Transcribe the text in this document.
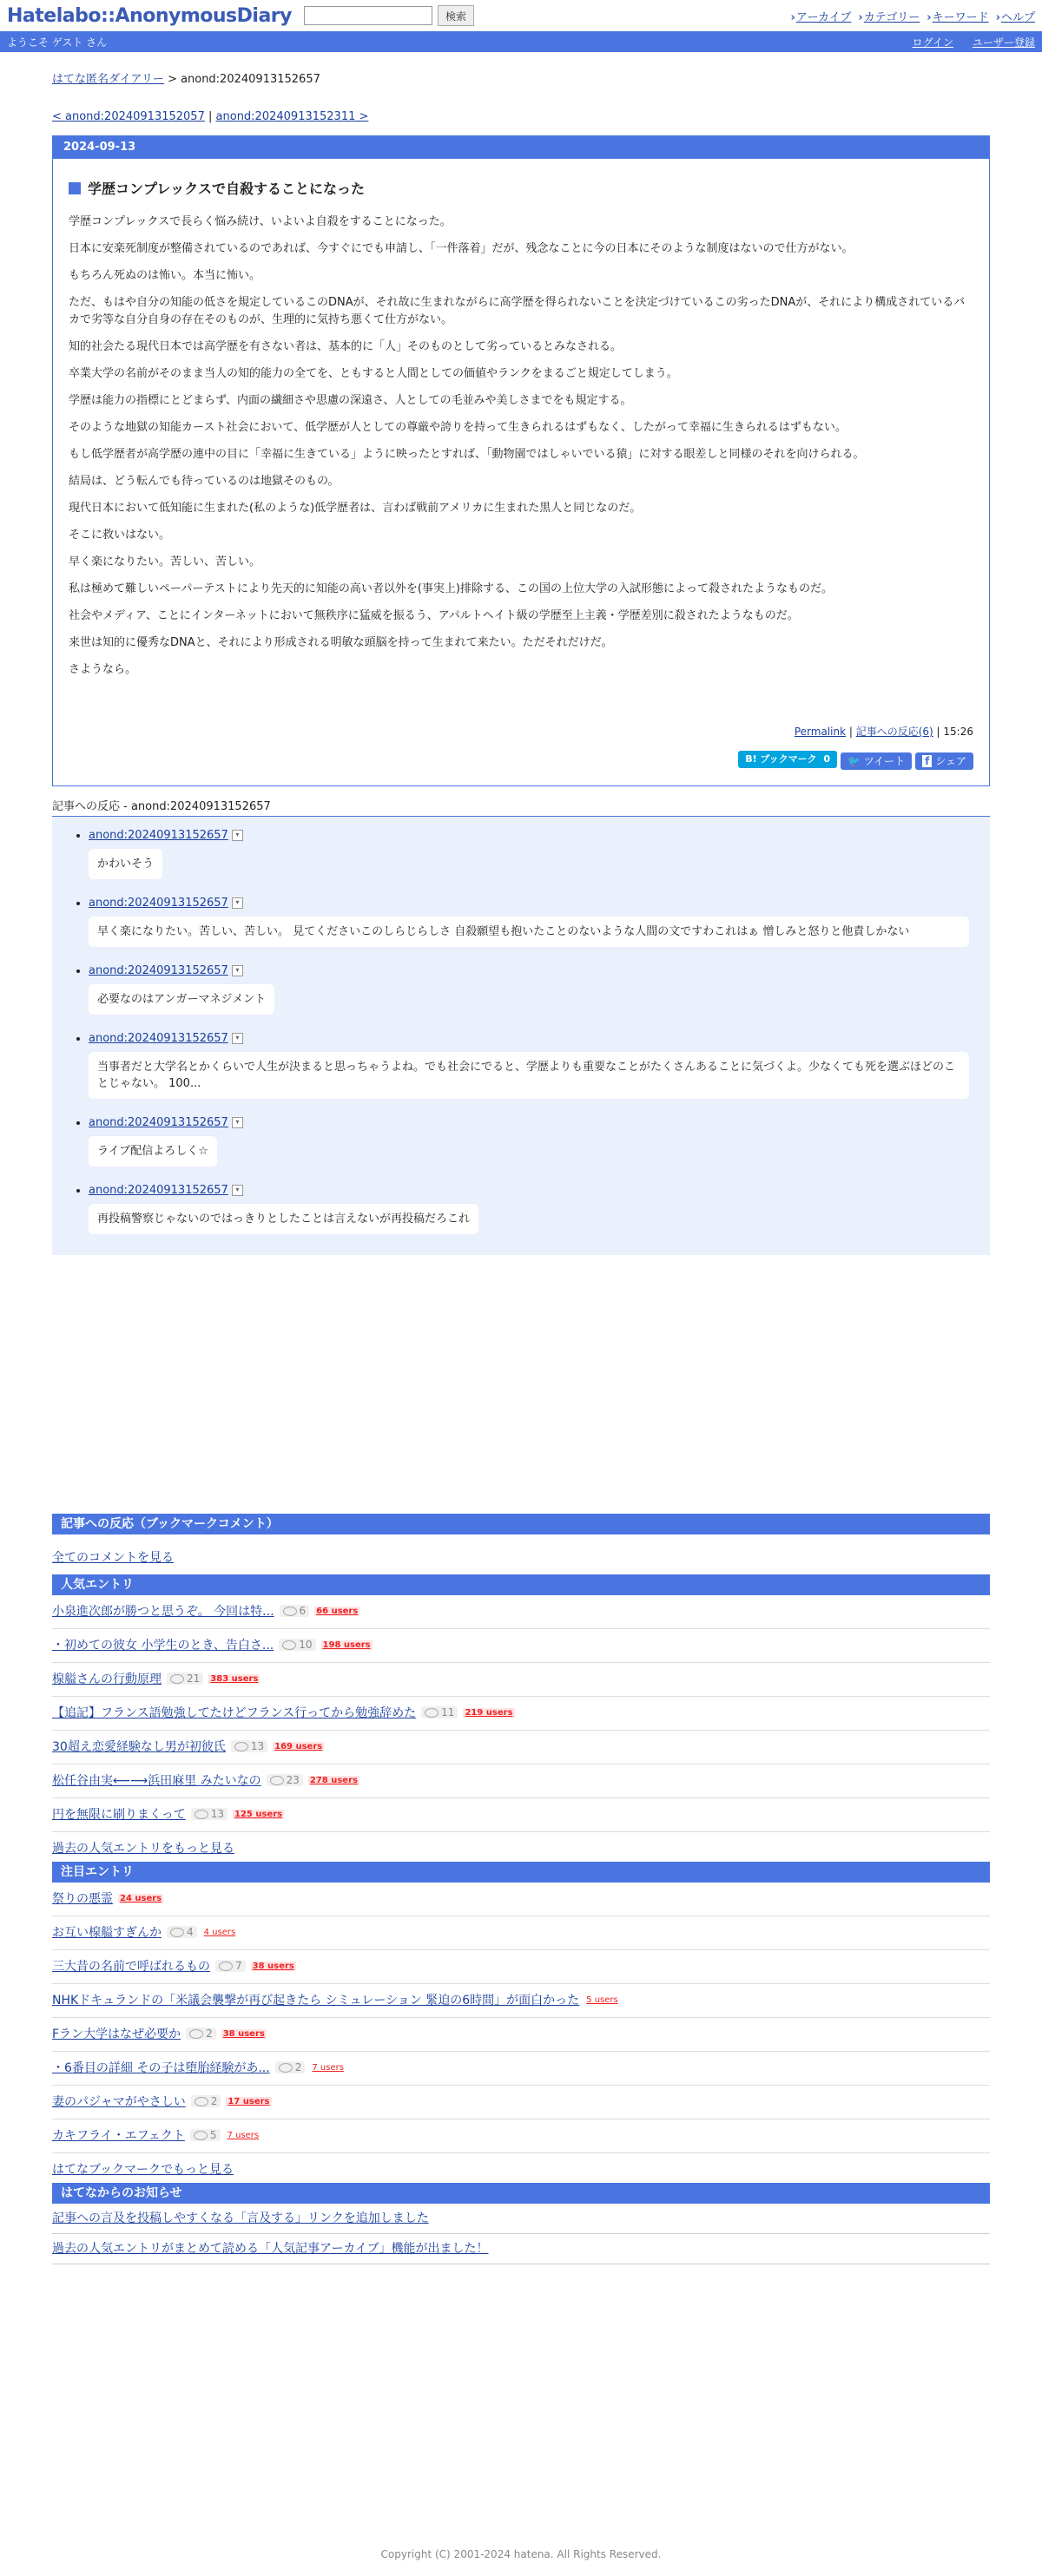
Hatelabo::AnonymousDiary	検索	›アーカイブ ›カテゴリー ›キーワード ›ヘルプ
ようこそ ゲスト さん	ログイン ユーザー登録
はてな匿名ダイアリー > anond:20240913152657
< anond:20240913152057 | anond:20240913152311 >
2024-09-13
学歴コンプレックスで自殺することになった

学歴コンプレックスで長らく悩み続け、いよいよ自殺をすることになった。

日本に安楽死制度が整備されているのであれば、今すぐにでも申請し、「一件落着」だが、残念なことに今の日本にそのような制度はないので仕方がない。

もちろん死ぬのは怖い。本当に怖い。

ただ、もはや自分の知能の低さを規定しているこのDNAが、それ故に生まれながらに高学歴を得られないことを決定づけているこの劣ったDNAが、それにより構成されているバカで劣等な自分自身の存在そのものが、生理的に気持ち悪くて仕方がない。

知的社会たる現代日本では高学歴を有さない者は、基本的に「人」そのものとして劣っているとみなされる。

卒業大学の名前がそのまま当人の知的能力の全てを、ともすると人間としての価値やランクをまるごと規定してしまう。

学歴は能力の指標にとどまらず、内面の繊細さや思慮の深遠さ、人としての毛並みや美しさまでをも規定する。

そのような地獄の知能カースト社会において、低学歴が人としての尊厳や誇りを持って生きられるはずもなく、したがって幸福に生きられるはずもない。

もし低学歴者が高学歴の連中の目に「幸福に生きている」ように映ったとすれば、「動物園ではしゃいでいる猿」に対する眼差しと同様のそれを向けられる。

結局は、どう転んでも待っているのは地獄そのもの。

現代日本において低知能に生まれた(私のような)低学歴者は、言わば戦前アメリカに生まれた黒人と同じなのだ。

そこに救いはない。

早く楽になりたい。苦しい、苦しい。

私は極めて難しいペーパーテストにより先天的に知能の高い者以外を(事実上)排除する、この国の上位大学の入試形態によって殺されたようなものだ。

社会やメディア、ことにインターネットにおいて無秩序に猛威を振るう、アパルトヘイト級の学歴至上主義・学歴差別に殺されたようなものだ。

来世は知的に優秀なDNAと、それにより形成される明敏な頭脳を持って生まれて来たい。ただそれだけだ。

さようなら。

Permalink | 記事への反応(6) | 15:26
B! ブックマーク 0	🐦 ツイート	f シェア
記事への反応 - anond:20240913152657
• anond:20240913152657 ▾
かわいそう
• anond:20240913152657 ▾

早く楽になりたい。苦しい、苦しい。 見てくださいこのしらじらしさ 自殺願望も抱いたことのないような人間の文ですわこれはぁ 憎しみと怒りと他責しかない
• anond:20240913152657 ▾
必要なのはアンガーマネジメント
• anond:20240913152657 ▾

当事者だと大学名とかくらいで人生が決まると思っちゃうよね。でも社会にでると、学歴よりも重要なことがたくさんあることに気づくよ。少なくても死を選ぶほどのことじゃない。 100...
• anond:20240913152657 ▾
ライブ配信よろしく☆
• anond:20240913152657 ▾
再投稿警察じゃないのではっきりとしたことは言えないが再投稿だろこれ
記事への反応（ブックマークコメント）
全てのコメントを見る
人気エントリ
小泉進次郎が勝つと思うぞ。 今回は特... 6 66 users
・初めての彼女 小学生のとき、告白さ... 10 198 users
楾艗さんの行動原理 21 383 users
【追記】フランス語勉強してたけどフランス行ってから勉強辞めた 11 219 users
30超え恋愛経験なし男が初彼氏 13 169 users
松任谷由実⟵⟶浜田麻里 みたいなの 23 278 users
円を無限に刷りまくって 13 125 users
過去の人気エントリをもっと見る
注目エントリ
祭りの悪霊 24 users
お互い楾艗すぎんか 4 4 users
三大昔の名前で呼ばれるもの 7 38 users
NHKドキュランドの「米議会襲撃が再び起きたら シミュレーション 緊迫の6時間」が面白かった 5 users
Fラン大学はなぜ必要か 2 38 users
・6番目の詳細 その子は堕胎経験があ... 2 7 users
妻のパジャマがやさしい 2 17 users
カキフライ・エフェクト 5 7 users
はてなブックマークでもっと見る
はてなからのお知らせ
記事への言及を投稿しやすくなる「言及する」リンクを追加しました
過去の人気エントリがまとめて読める「人気記事アーカイブ」機能が出ました！
Copyright (C) 2001-2024 hatena. All Rights Reserved.
